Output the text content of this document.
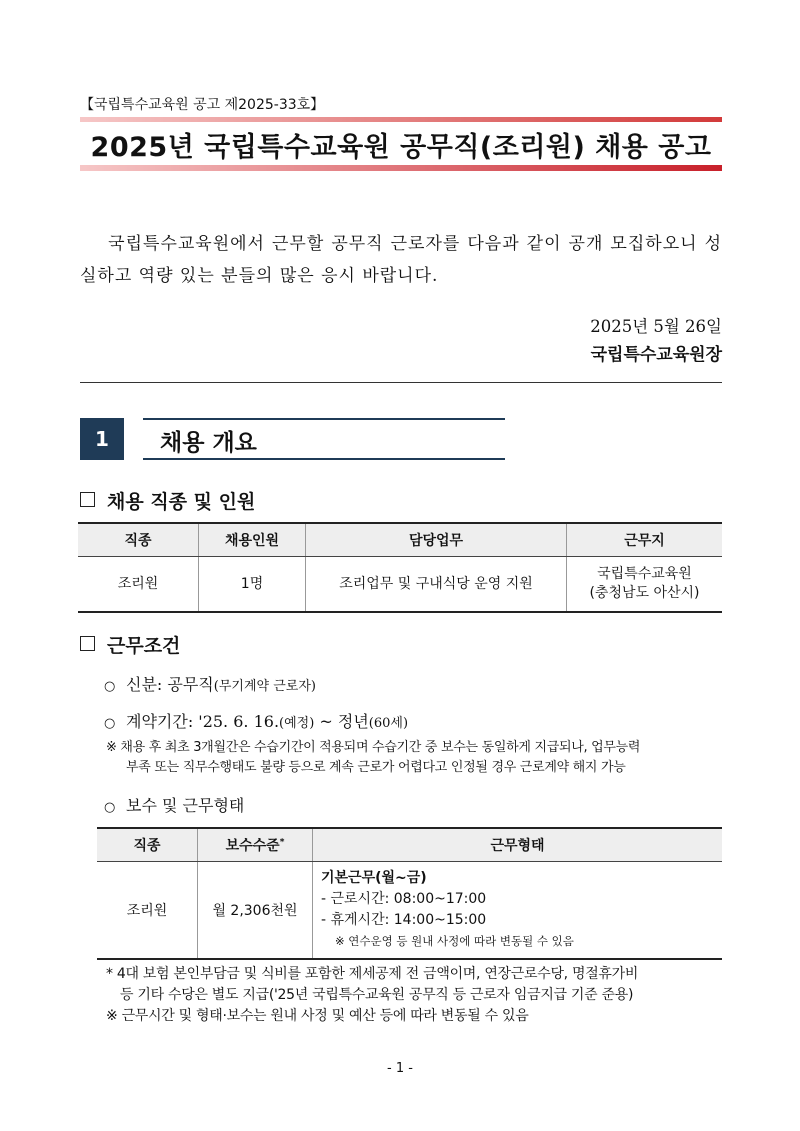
【국립특수교육원 공고 제2025-33호】
2025년 국립특수교육원 공무직(조리원) 채용 공고
국립특수교육원에서 근무할 공무직 근로자를 다음과 같이 공개 모집하오니 성실하고 역량 있는 분들의 많은 응시 바랍니다.
2025년 5월 26일
국립특수교육원장
1	채용 개요
채용 직종 및 인원
직종	채용인원	담당업무	근무지
조리원	1명	조리업무 및 구내식당 운영 지원	국립특수교육원
(충청남도 아산시)
근무조건
○ 신분: 공무직(무기계약 근로자)
○ 계약기간: '25. 6. 16.(예정) ~ 정년(60세)
※ 채용 후 최초 3개월간은 수습기간이 적용되며 수습기간 중 보수는 동일하게 지급되나, 업무능력
부족 또는 직무수행태도 불량 등으로 계속 근로가 어렵다고 인정될 경우 근로계약 해지 가능
○ 보수 및 근무형태
직종	보수수준*	근무형태
조리원	월 2,306천원	기본근무(월~금)
- 근로시간: 08:00~17:00
- 휴게시간: 14:00~15:00
※ 연수운영 등 원내 사정에 따라 변동될 수 있음
* 4대 보험 본인부담금 및 식비를 포함한 제세공제 전 금액이며, 연장근로수당, 명절휴가비
등 기타 수당은 별도 지급('25년 국립특수교육원 공무직 등 근로자 임금지급 기준 준용)
※ 근무시간 및 형태·보수는 원내 사정 및 예산 등에 따라 변동될 수 있음
- 1 -
